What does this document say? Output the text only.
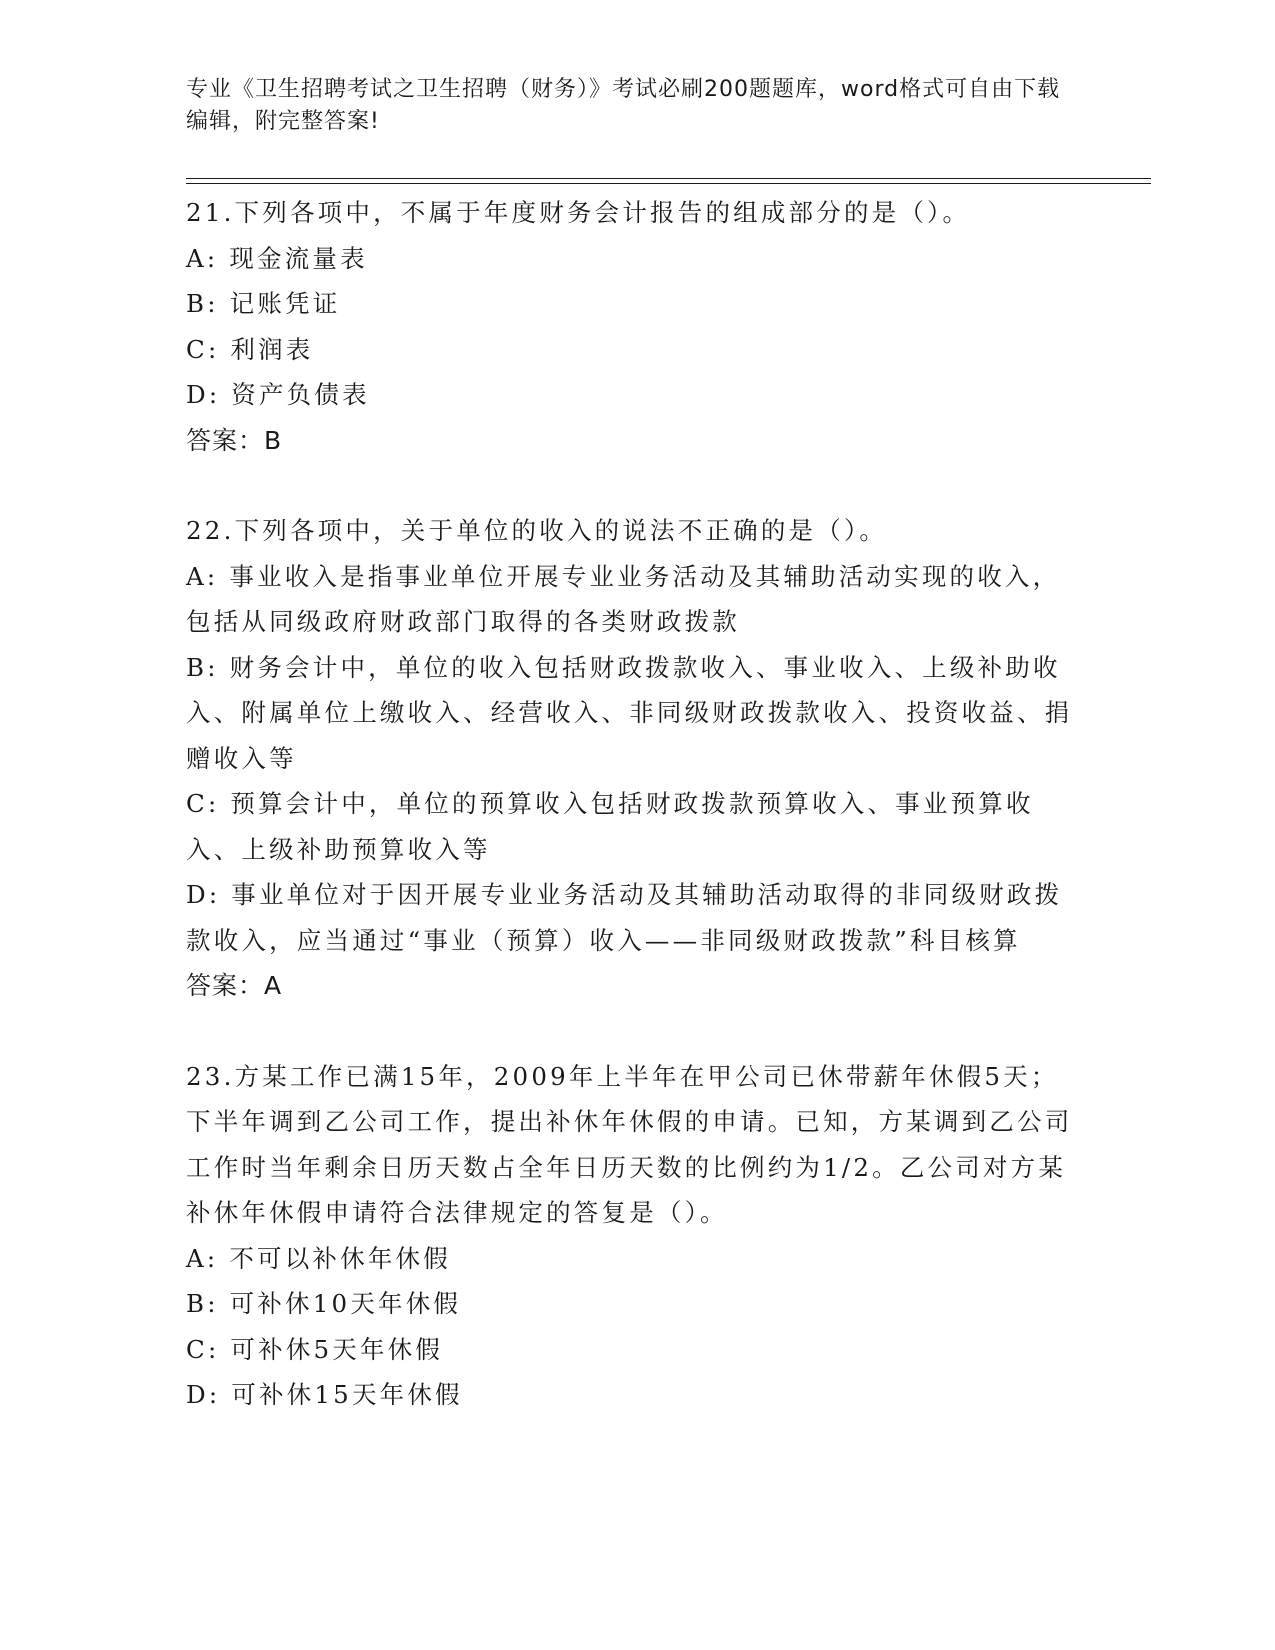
专业《卫生招聘考试之卫生招聘（财务）》考试必刷200题题库，word格式可自由下载编辑，附完整答案!

21.下列各项中，不属于年度财务会计报告的组成部分的是（）。

A: 现金流量表

B: 记账凭证

C: 利润表

D: 资产负债表

答案：B

22.下列各项中，关于单位的收入的说法不正确的是（）。

A: 事业收入是指事业单位开展专业业务活动及其辅助活动实现的收入，包括从同级政府财政部门取得的各类财政拨款

B: 财务会计中，单位的收入包括财政拨款收入、事业收入、上级补助收入、附属单位上缴收入、经营收入、非同级财政拨款收入、投资收益、捐赠收入等

C: 预算会计中，单位的预算收入包括财政拨款预算收入、事业预算收入、上级补助预算收入等

D: 事业单位对于因开展专业业务活动及其辅助活动取得的非同级财政拨款收入，应当通过“事业（预算）收入——非同级财政拨款”科目核算

答案：A

23.方某工作已满15年，2009年上半年在甲公司已休带薪年休假5天；下半年调到乙公司工作，提出补休年休假的申请。已知，方某调到乙公司工作时当年剩余日历天数占全年日历天数的比例约为1/2。乙公司对方某补休年休假申请符合法律规定的答复是（）。

A: 不可以补休年休假

B: 可补休10天年休假

C: 可补休5天年休假

D: 可补休15天年休假
